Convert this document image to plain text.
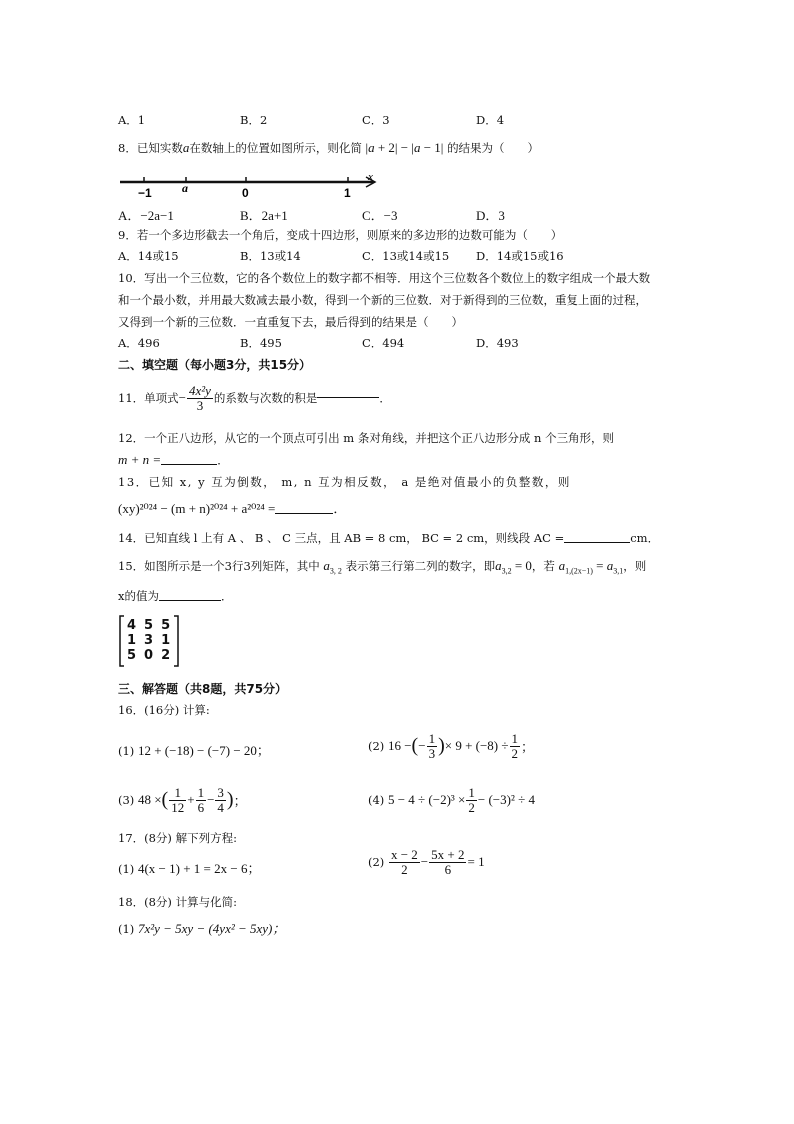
A．1	B．2	C．3	D．4
8．已知实数a在数轴上的位置如图所示，则化简 |a + 2| − |a − 1| 的结果为（　　）
−1	a	0	1
x
A．−2a−1	B．2a+1	C．−3	D．3
9．若一个多边形截去一个角后，变成十四边形，则原来的多边形的边数可能为（　　）
A．14或15	B．13或14	C．13或14或15 D．14或15或16
10．写出一个三位数，它的各个数位上的数字都不相等．用这个三位数各个数位上的数字组成一个最大数
和一个最小数，并用最大数减去最小数，得到一个新的三位数．对于新得到的三位数，重复上面的过程，
又得到一个新的三位数．一直重复下去，最后得到的结果是（　　）
A．496	B．495	C．494	D．493
二、填空题（每小题3分，共15分）
11．单项式− $\frac{\text{4x²y}}{3}$ 的系数与次数的积是	．
12．一个正八边形，从它的一个顶点可引出 m 条对角线，并把这个正八边形分成 n 个三角形，则
m + n =	．
13．已知 x, y 互为倒数， m, n 互为相反数， a 是绝对值最小的负整数，则
(xy)²⁰²⁴ − (m + n)²⁰²⁴ + a²⁰²⁴ =	．
14．已知直线 l 上有 A 、 B 、 C 三点，且 AB = 8 cm， BC = 2 cm，则线段 AC =	cm．
15．如图所示是一个3行3列矩阵，其中 $a_{3, 2}$ 表示第三行第二列的数字，即$a_{3,2} = 0$，若 $a_{1,(2x-1)} = a_{3,1}$，则
x的值为	．
4	5	5
1	3	1
5	0	2
三、解答题（共8题，共75分）
16．(16分) 计算:
(1) 12 + (−18) − (−7) − 20；	(2) 16 −(− $\frac{1}{3}$ )× $9 + (-8) \div \frac{1}{2}$ ；
(3) 48 ×( $\frac{1}{12} + \frac{1}{6} - \frac{3}{4}$ )；	(4) $5 - 4 \div (-2)^3 \times \frac{1}{2} - (-3)^2 \div 4$
17．(8分) 解下列方程:
(1) 4(x − 1) + 1 = 2x − 6；	$(2) \frac{x - 2}{2} - \frac{5x + 2}{6} = 1$
18．(8分) 计算与化简:
(1) 7x²y − 5xy − (4yx² − 5xy)；
